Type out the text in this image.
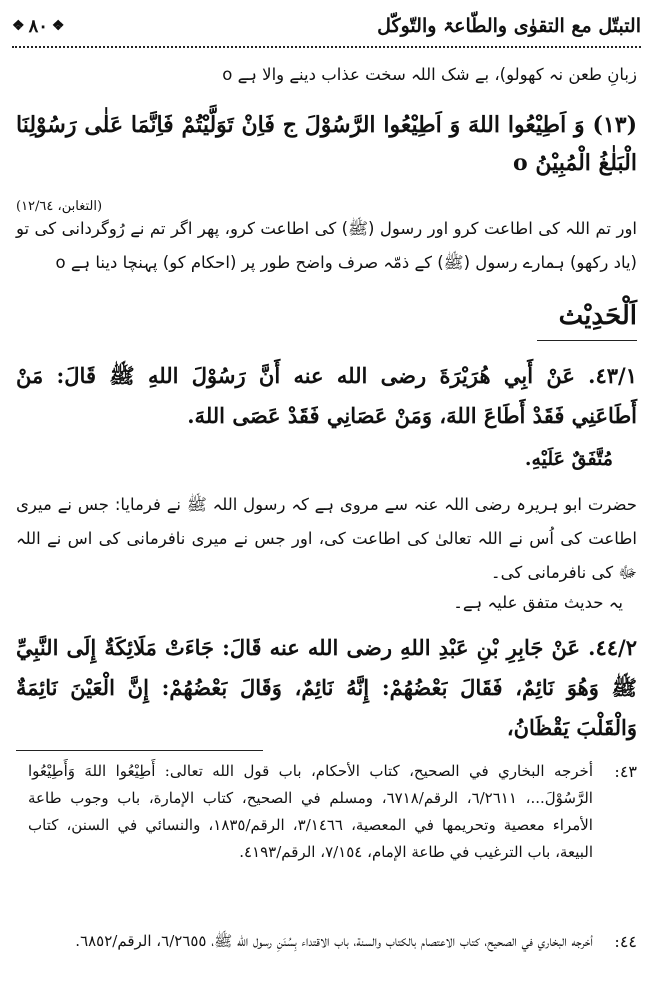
التبتّل مع التقوٰی والطّاعۃ والتّوکّل
❖
۸۰
❖
زبانِ طعن نہ کھولو)، بے شک اللہ سخت عذاب دینے والا ہے o
(۱۳) وَ اَطِیْعُوا اللهَ وَ اَطِیْعُوا الرَّسُوْلَ ج فَاِنْ تَوَلَّیْتُمْ فَاِنَّمَا عَلٰی رَسُوْلِنَا الْبَلٰغُ الْمُبِیْنُ o
(التغابن، ۱۲/٦٤)
اور تم اللہ کی اطاعت کرو اور رسول (ﷺ) کی اطاعت کرو، پھر اگر تم نے رُوگردانی کی تو (یاد رکھو) ہمارے رسول (ﷺ) کے ذمّہ صرف واضح طور پر (احکام کو) پہنچا دینا ہے o
اَلْحَدِيْث
٤٣/١. عَنْ أَبِي هُرَيْرَةَ رضی الله عنه أَنَّ رَسُوْلَ اللهِ ﷺ قَالَ: مَنْ أَطَاعَنِي فَقَدْ أَطَاعَ اللهَ، وَمَنْ عَصَانِي فَقَدْ عَصَى اللهَ.
مُتَّفَقٌ عَلَيْهِ.
حضرت ابو ہریرہ رضی اللہ عنہ سے مروی ہے کہ رسول اللہ ﷺ نے فرمایا: جس نے میری اطاعت کی اُس نے اللہ تعالیٰ کی اطاعت کی، اور جس نے میری نافرمانی کی اس نے اللہ ﷻ کی نافرمانی کی۔
یہ حدیث متفق علیہ ہے۔
٤٤/٢. عَنْ جَابِرِ بْنِ عَبْدِ اللهِ رضی الله عنه قَالَ: جَاءَتْ مَلَائِكَةٌ إِلَى النَّبِيِّ ﷺ وَهُوَ نَائِمٌ، فَقَالَ بَعْضُهُمْ: إِنَّهُ نَائِمٌ، وَقَالَ بَعْضُهُمْ: إِنَّ الْعَيْنَ نَائِمَةٌ وَالْقَلْبَ يَقْظَانُ،
٤٣:
أخرجه البخاري في الصحيح، كتاب الأحكام، باب قول الله تعالى: أَطِيْعُوا اللهَ وَأَطِيْعُوا الرَّسُوْلَ...، ٦/٢٦١١، الرقم/٦٧١٨، ومسلم في الصحيح، كتاب الإمارة، باب وجوب طاعة الأمراء معصية وتحريمها في المعصية، ٣/١٤٦٦، الرقم/١٨٣٥، والنسائي في السنن، كتاب البيعة، باب الترغيب في طاعة الإمام، ٧/١٥٤، الرقم/٤١٩٣.
٤٤:
أخرجه البخاري في الصحيح، كتاب الاعتصام بالكتاب والسنة، باب الاقتداء بِسُنَنِ رسول الله ﷺ، ٦/٢٦٥٥، الرقم/٦٨٥٢.
